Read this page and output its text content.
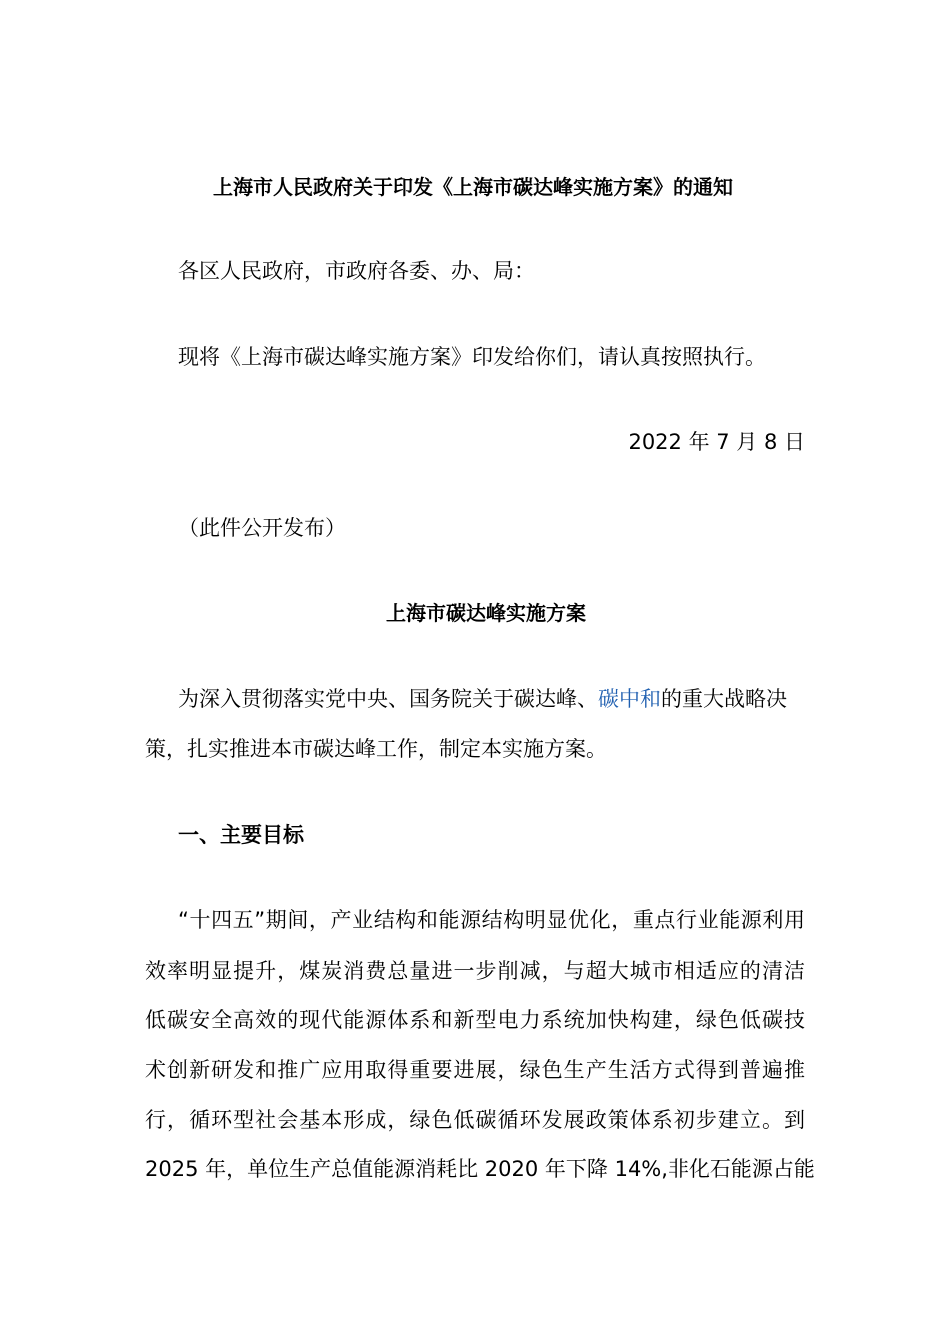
上海市人民政府关于印发《上海市碳达峰实施方案》的通知

各区人民政府，市政府各委、办、局：

现将《上海市碳达峰实施方案》印发给你们，请认真按照执行。

2022 年 7 月 8 日

（此件公开发布）

上海市碳达峰实施方案

为深入贯彻落实党中央、国务院关于碳达峰、碳中和的重大战略决

策，扎实推进本市碳达峰工作，制定本实施方案。

一、主要目标

“十四五”期间，产业结构和能源结构明显优化，重点行业能源利用

效率明显提升，煤炭消费总量进一步削减，与超大城市相适应的清洁

低碳安全高效的现代能源体系和新型电力系统加快构建，绿色低碳技

术创新研发和推广应用取得重要进展，绿色生产生活方式得到普遍推

行，循环型社会基本形成，绿色低碳循环发展政策体系初步建立。到

2025 年，单位生产总值能源消耗比 2020 年下降 14%,非化石能源占能
